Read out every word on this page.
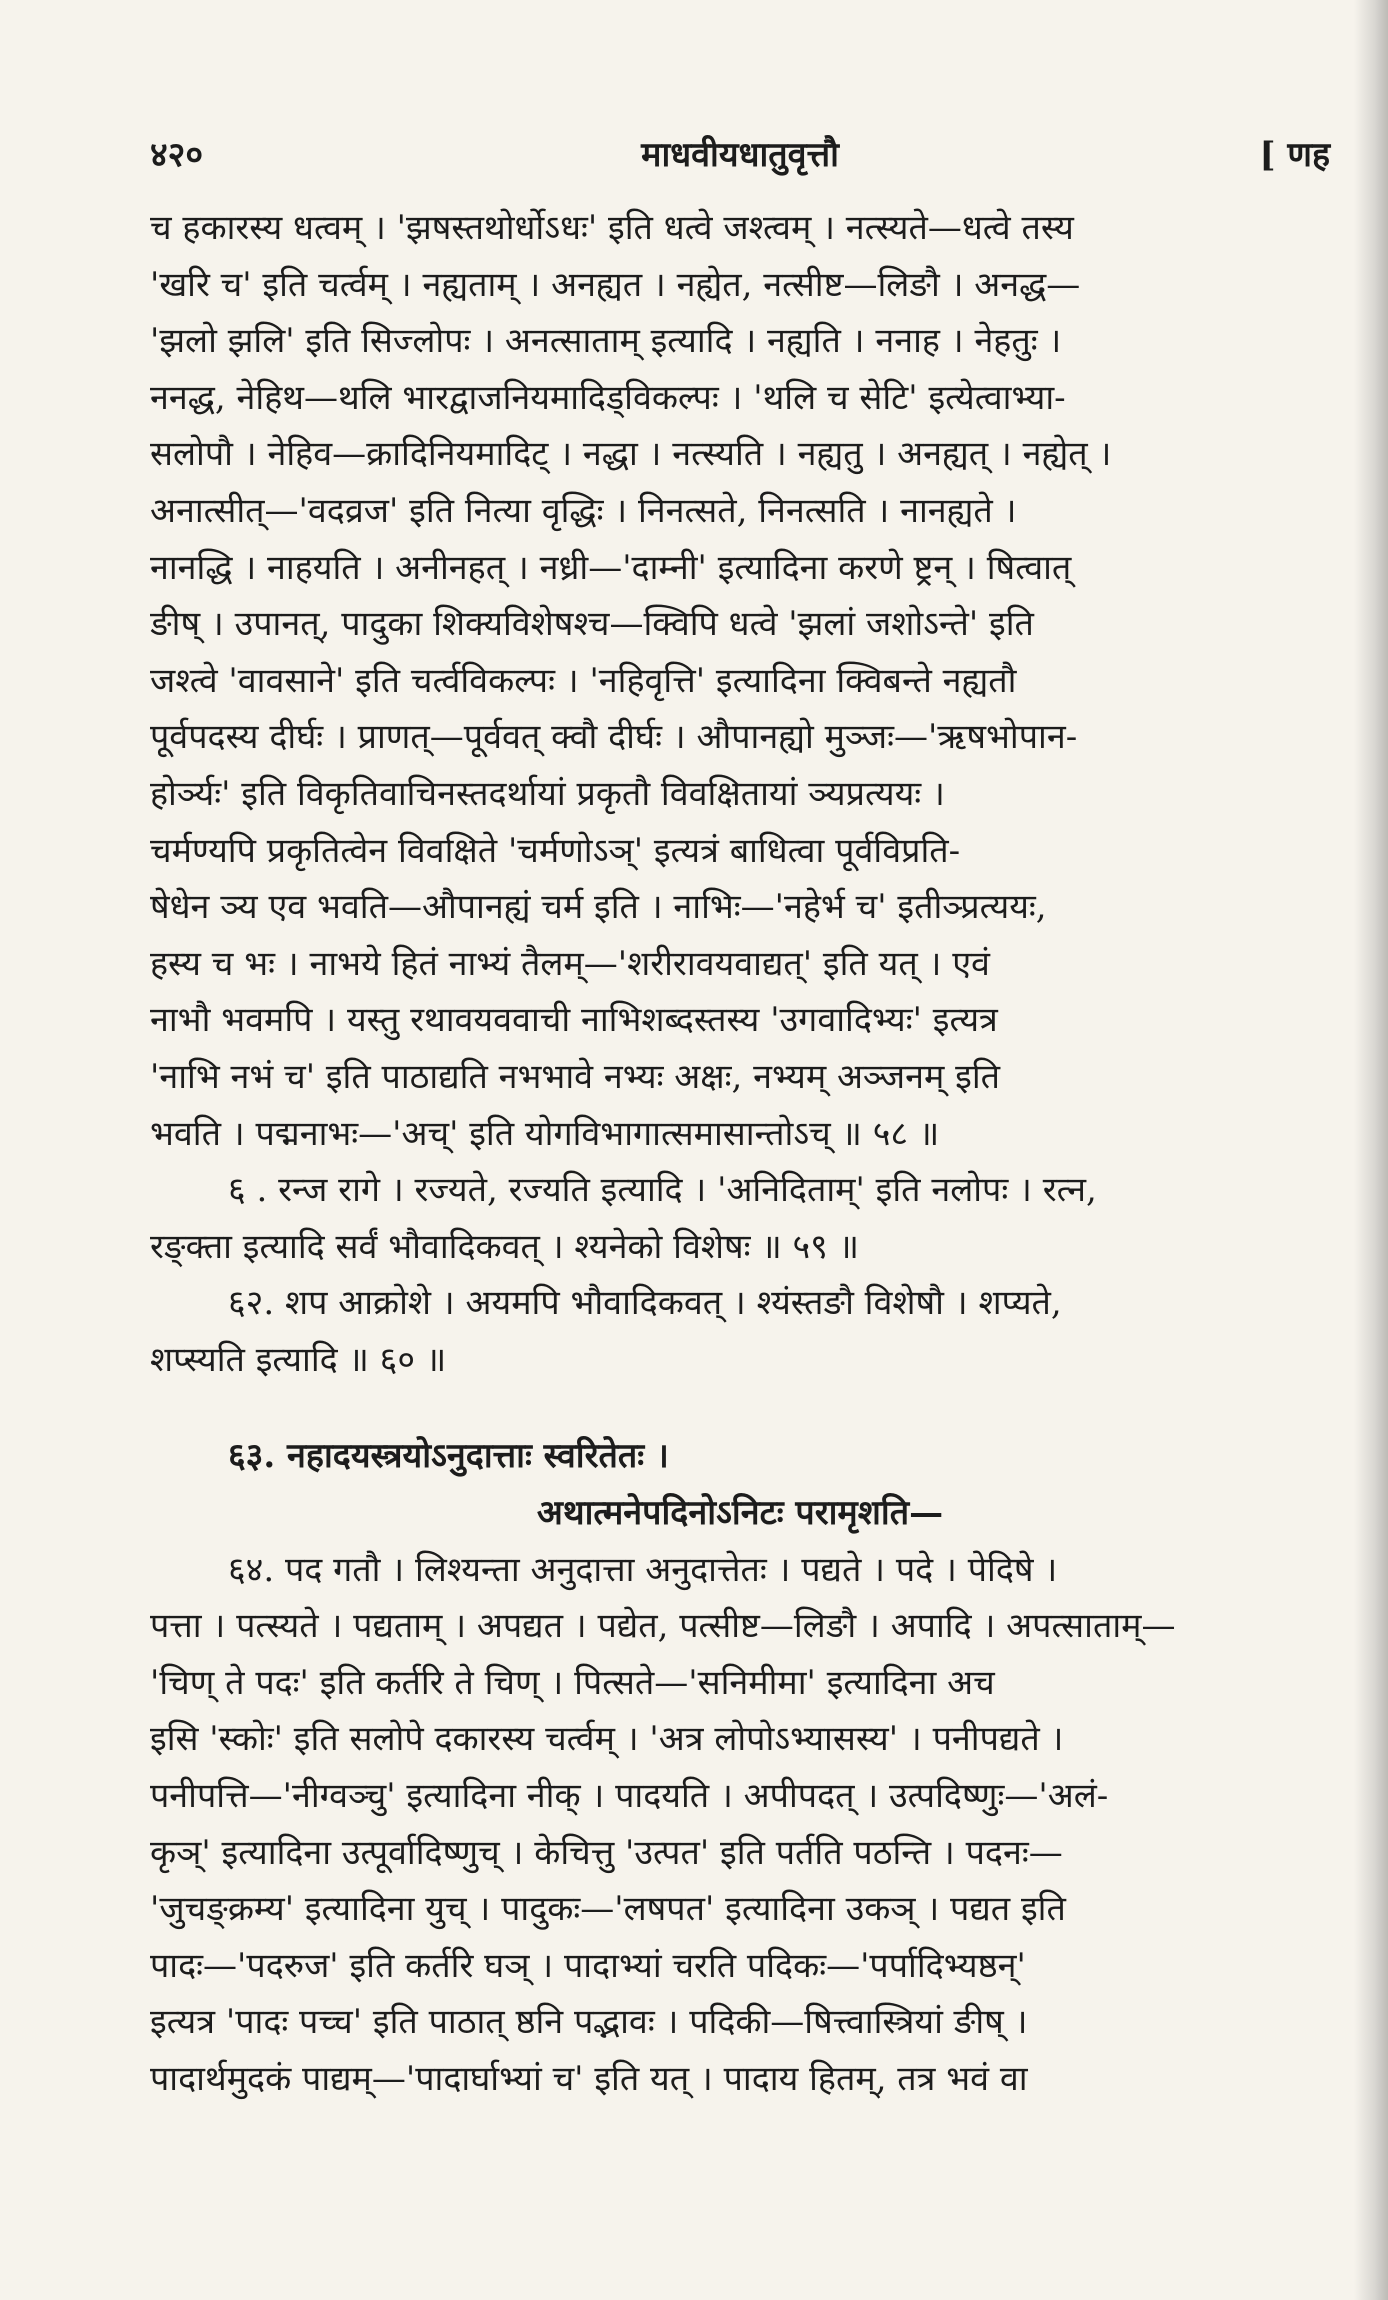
४२०	माधवीयधातुवृत्तौ	[ णह
च हकारस्य धत्वम् । 'झषस्तथोर्धोऽधः' इति धत्वे जश्त्वम् । नत्स्यते—धत्वे तस्य
'खरि च' इति चर्त्वम् । नह्यताम् । अनह्यत । नह्येत, नत्सीष्ट—लिङौ । अनद्ध—
'झलो झलि' इति सिज्लोपः । अनत्साताम् इत्यादि । नह्यति । ननाह । नेहतुः ।
ननद्ध, नेहिथ—थलि भारद्वाजनियमादिड्विकल्पः । 'थलि च सेटि' इत्येत्वाभ्या-
सलोपौ । नेहिव—क्रादिनियमादिट् । नद्धा । नत्स्यति । नह्यतु । अनह्यत् । नह्येत् ।
अनात्सीत्—'वदव्रज' इति नित्या वृद्धिः । निनत्सते, निनत्सति । नानह्यते ।
नानद्धि । नाहयति । अनीनहत् । नध्री—'दाम्नी' इत्यादिना करणे ष्ट्रन् । षित्वात्
ङीष् । उपानत्, पादुका शिक्यविशेषश्च—क्विपि धत्वे 'झलां जशोऽन्ते' इति
जश्त्वे 'वावसाने' इति चर्त्वविकल्पः । 'नहिवृत्ति' इत्यादिना क्विबन्ते नह्यतौ
पूर्वपदस्य दीर्घः । प्राणत्—पूर्ववत् क्वौ दीर्घः । औपानह्यो मुञ्जः—'ऋषभोपान-
होर्ञ्यः' इति विकृतिवाचिनस्तदर्थायां प्रकृतौ विवक्षितायां ञ्यप्रत्ययः ।
चर्मण्यपि प्रकृतित्वेन विवक्षिते 'चर्मणोऽञ्' इत्यत्रं बाधित्वा पूर्वविप्रति-
षेधेन ञ्य एव भवति—औपानह्यं चर्म इति । नाभिः—'नहेर्भ च' इतीञ्प्रत्ययः,
हस्य च भः । नाभये हितं नाभ्यं तैलम्—'शरीरावयवाद्यत्' इति यत् । एवं
नाभौ भवमपि । यस्तु रथावयववाची नाभिशब्दस्तस्य 'उगवादिभ्यः' इत्यत्र
'नाभि नभं च' इति पाठाद्यति नभभावे नभ्यः अक्षः, नभ्यम् अञ्जनम् इति
भवति । पद्मनाभः—'अच्' इति योगविभागात्समासान्तोऽच् ॥ ५८ ॥
६ . रन्ज रागे । रज्यते, रज्यति इत्यादि । 'अनिदिताम्' इति नलोपः । रत्न,
रङ्क्ता इत्यादि सर्वं भौवादिकवत् । श्यनेको विशेषः ॥ ५९ ॥
६२. शप आक्रोशे । अयमपि भौवादिकवत् । श्यंस्तङौ विशेषौ । शप्यते,
शप्स्यति इत्यादि ॥ ६० ॥
६३. नहादयस्त्रयोऽनुदात्ताः स्वरितेतः ।
अथात्मनेपदिनोऽनिटः परामृशति—
६४. पद गतौ । लिश्यन्ता अनुदात्ता अनुदात्तेतः । पद्यते । पदे । पेदिषे ।
पत्ता । पत्स्यते । पद्यताम् । अपद्यत । पद्येत, पत्सीष्ट—लिङौ । अपादि । अपत्साताम्—
'चिण् ते पदः' इति कर्तरि ते चिण् । पित्सते—'सनिमीमा' इत्यादिना अच
इसि 'स्कोः' इति सलोपे दकारस्य चर्त्वम् । 'अत्र लोपोऽभ्यासस्य' । पनीपद्यते ।
पनीपत्ति—'नीग्वञ्चु' इत्यादिना नीक् । पादयति । अपीपदत् । उत्पदिष्णुः—'अलं-
कृञ्' इत्यादिना उत्पूर्वादिष्णुच् । केचित्तु 'उत्पत' इति पर्तति पठन्ति । पदनः—
'जुचङ्क्रम्य' इत्यादिना युच् । पादुकः—'लषपत' इत्यादिना उकञ् । पद्यत इति
पादः—'पदरुज' इति कर्तरि घञ् । पादाभ्यां चरति पदिकः—'पर्पादिभ्यष्ठन्'
इत्यत्र 'पादः पच्च' इति पाठात् ष्ठनि पद्भावः । पदिकी—षित्त्वास्त्रियां ङीष् ।
पादार्थमुदकं पाद्यम्—'पादार्घाभ्यां च' इति यत् । पादाय हितम्, तत्र भवं वा
